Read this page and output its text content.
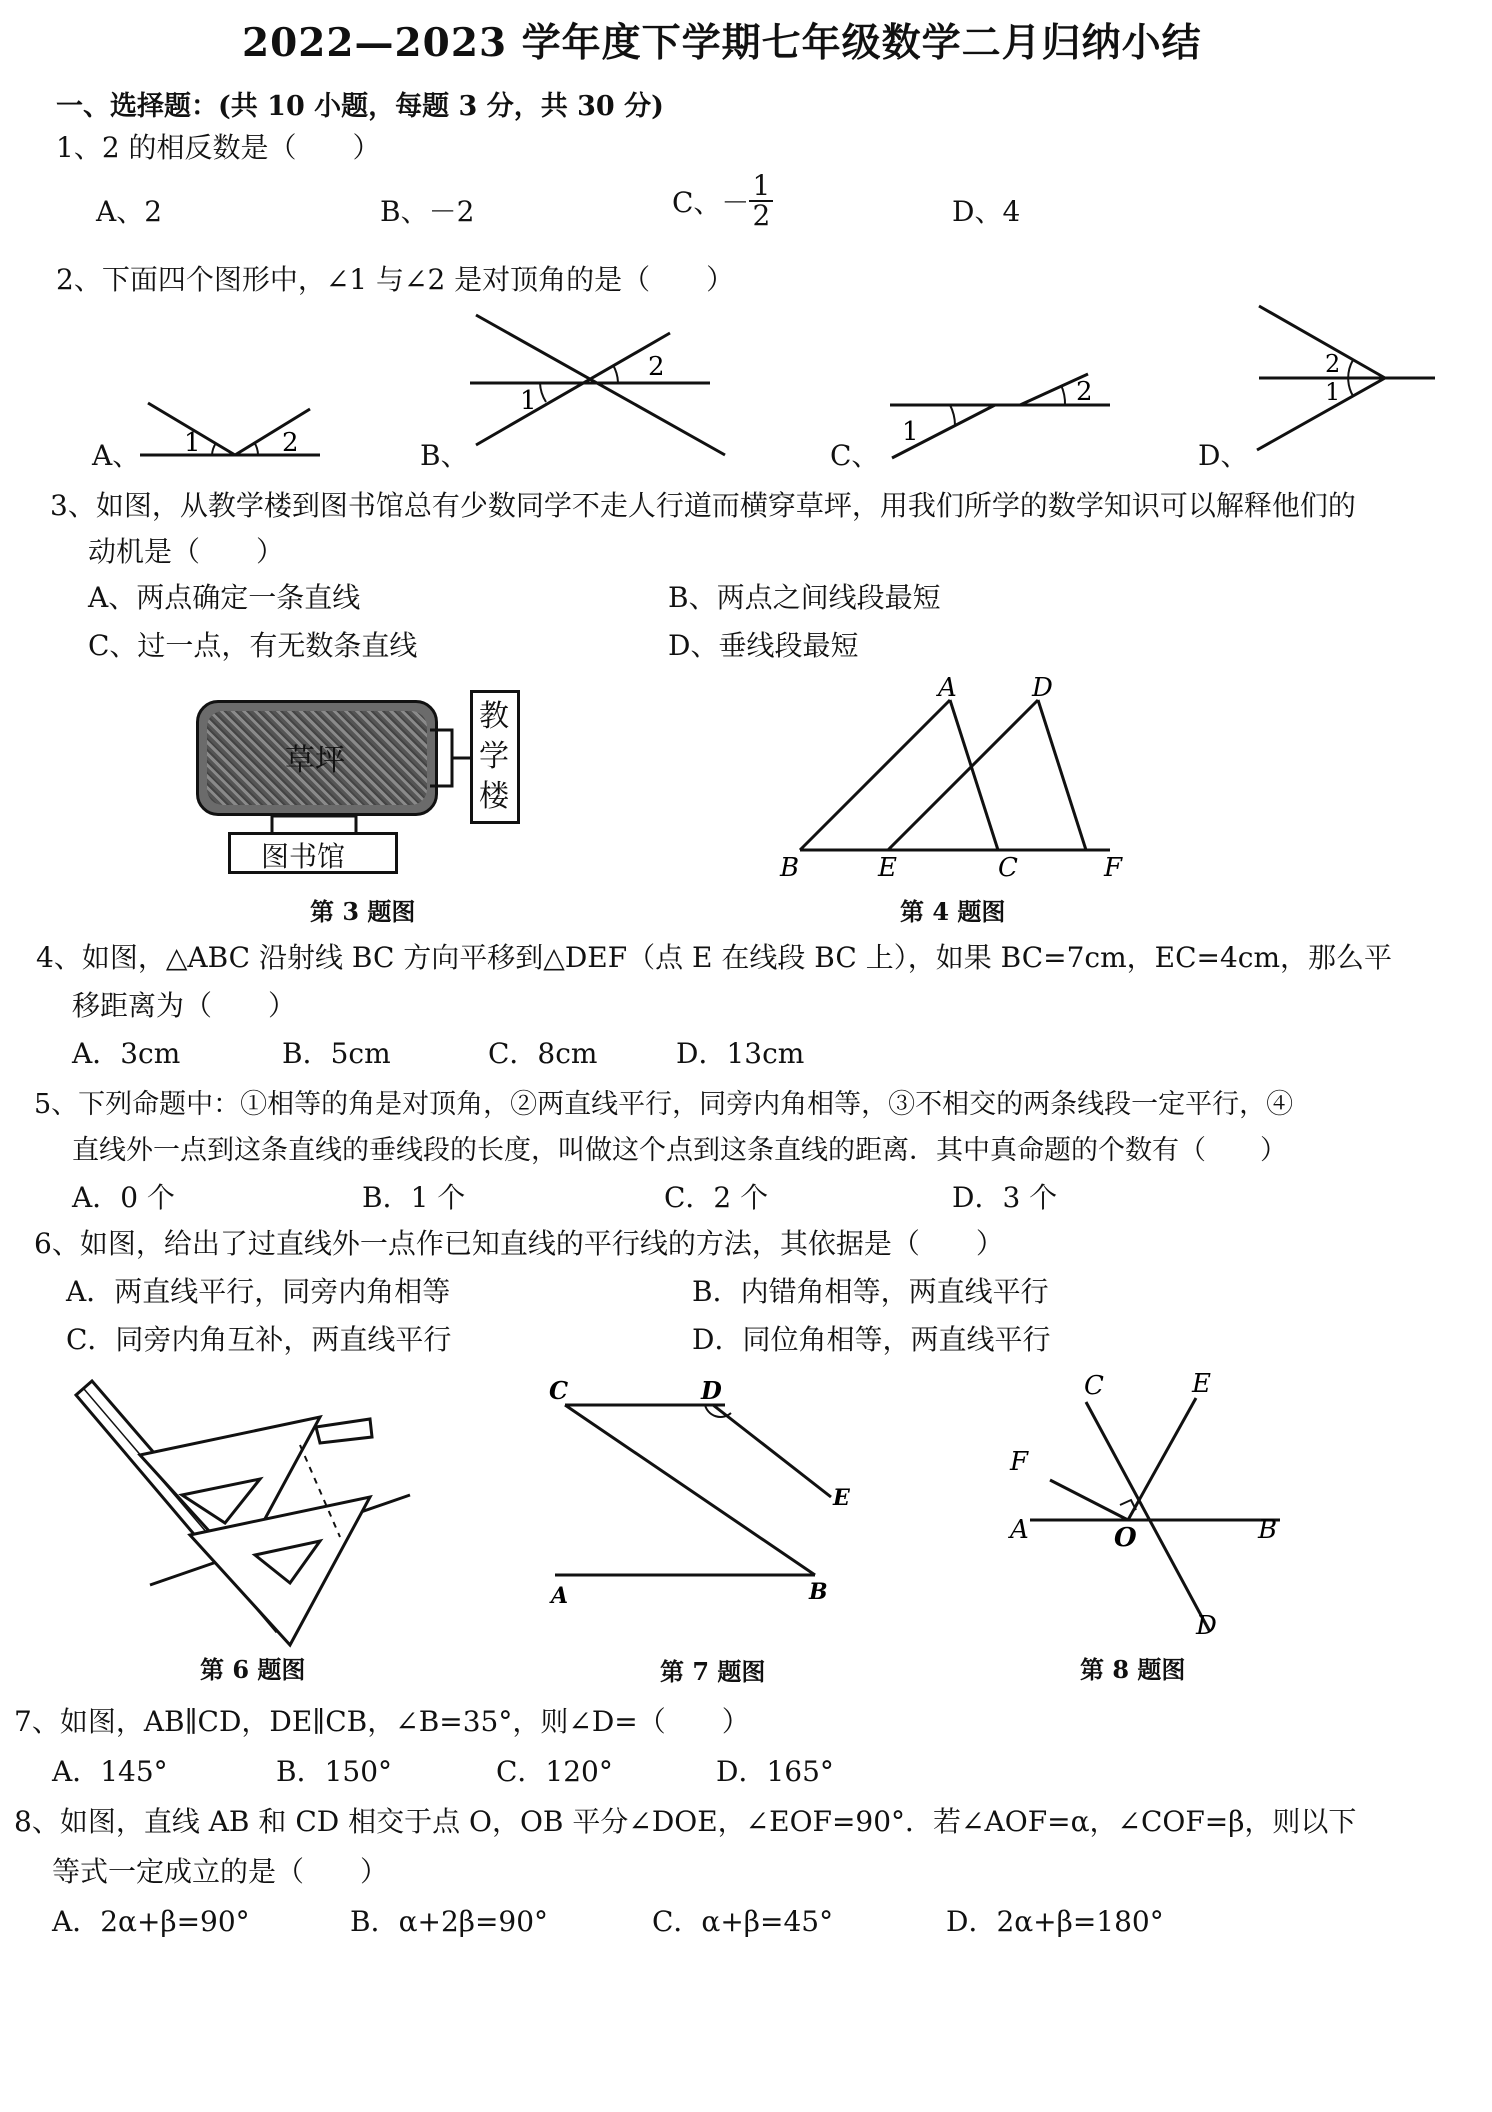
2022—2023 学年度下学期七年级数学二月归纳小结
一、选择题：(共 10 小题，每题 3 分，共 30 分)
1、2 的相反数是（　　）
A、2	B、－2	C、－ $\frac{1}{2}$	D、4
2、下面四个图形中，∠1 与∠2 是对顶角的是（　　）
A、 1	2	B、
1
2
C、
1
2
D、
2
1
3、如图，从教学楼到图书馆总有少数同学不走人行道而横穿草坪，用我们所学的数学知识可以解释他们的
动机是（　　）
A、两点确定一条直线	B、两点之间线段最短
C、过一点，有无数条直线	D、垂线段最短
草坪
教
学
楼
图书馆
第 3 题图
A	D
B	E	C	F
第 4 题图
4、如图，△ABC 沿射线 BC 方向平移到△DEF（点 E 在线段 BC 上），如果 BC=7cm，EC=4cm，那么平
移距离为（　　）
A．3cm	B．5cm	C．8cm	D．13cm
5、下列命题中：①相等的角是对顶角，②两直线平行，同旁内角相等，③不相交的两条线段一定平行，④
直线外一点到这条直线的垂线段的长度，叫做这个点到这条直线的距离．其中真命题的个数有（　　）
A．0 个	B．1 个	C．2 个	D．3 个
6、如图，给出了过直线外一点作已知直线的平行线的方法，其依据是（　　）
A．两直线平行，同旁内角相等	B．内错角相等，两直线平行
C．同旁内角互补，两直线平行	D．同位角相等，两直线平行
第 6 题图
C	D
E
A	B
第 7 题图
C	E
F
A	O	B
D
第 8 题图
7、如图，AB∥CD，DE∥CB，∠B=35°，则∠D=（　　）
A．145°	B．150°	C．120°	D．165°
8、如图，直线 AB 和 CD 相交于点 O，OB 平分∠DOE，∠EOF=90°．若∠AOF=α，∠COF=β，则以下
等式一定成立的是（　　）
A．2α+β=90°	B．α+2β=90°	C．α+β=45°	D．2α+β=180°
